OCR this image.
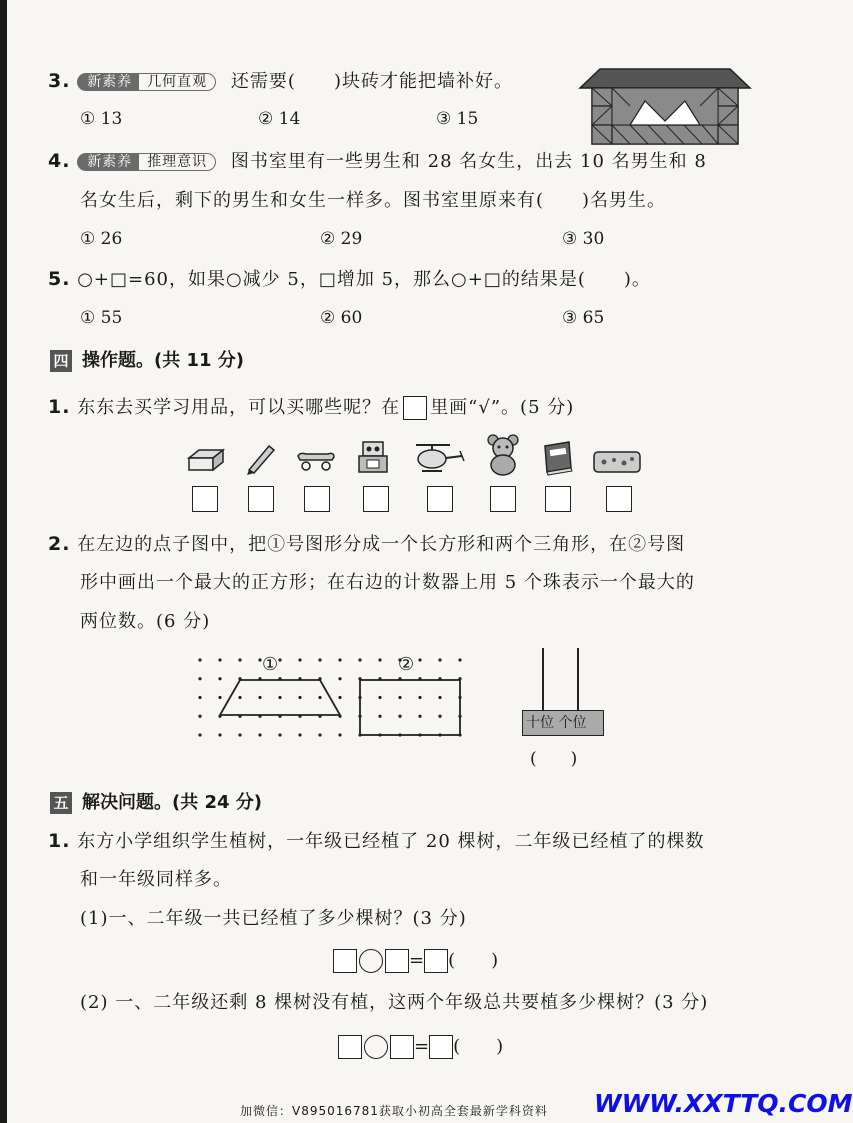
3. 新素养 几何直观 还需要(　　)块砖才能把墙补好。
① 13	② 14	③ 15
4. 新素养 推理意识 图书室里有一些男生和 28 名女生，出去 10 名男生和 8
名女生后，剩下的男生和女生一样多。图书室里原来有(　　)名男生。
① 26	② 29	③ 30
5. ○+□=60，如果○减少 5，□增加 5，那么○+□的结果是(　　)。
① 55	② 60	③ 65
四 操作题。(共 11 分)
1. 东东去买学习用品，可以买哪些呢？在 里画“√”。(5 分)
2. 在左边的点子图中，把①号图形分成一个长方形和两个三角形，在②号图
形中画出一个最大的正方形；在右边的计数器上用 5 个珠表示一个最大的
两位数。(6 分)
①	②
十位 个位
(　　)
五 解决问题。(共 24 分)
1. 东方小学组织学生植树，一年级已经植了 20 棵树，二年级已经植了的棵数
和一年级同样多。
(1)一、二年级一共已经植了多少棵树？(3 分)
= (　　)
(2) 一、二年级还剩 8 棵树没有植，这两个年级总共要植多少棵树？(3 分)
= (　　)
加微信：V895016781获取小初高全套最新学科资料 WWW.XXTTQ.COM
